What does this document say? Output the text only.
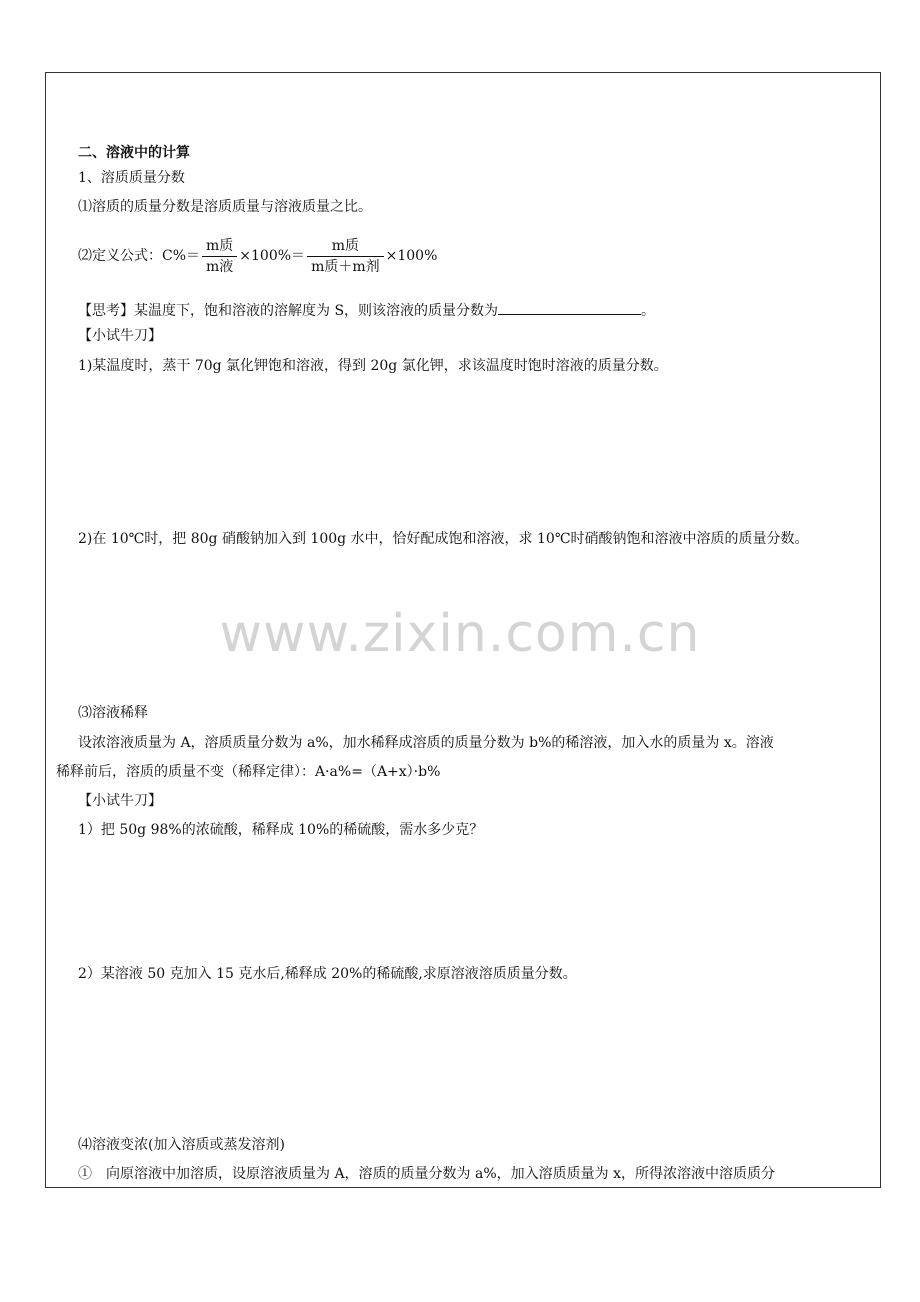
www.zixin.com.cn
二、溶液中的计算
1、溶质质量分数
⑴溶质的质量分数是溶质质量与溶液质量之比。
⑵定义公式：$C\%= \frac{\text{m质}}{\text{m液}} \times 100\%= \frac{\text{m质}}{\text{m质＋m剂}} \times 100\%$
【思考】某温度下，饱和溶液的溶解度为 S，则该溶液的质量分数为	。
【小试牛刀】
1)某温度时，蒸干 70g 氯化钾饱和溶液，得到 20g 氯化钾，求该温度时饱时溶液的质量分数。
2)在 10℃时，把 80g 硝酸钠加入到 100g 水中，恰好配成饱和溶液，求 10℃时硝酸钠饱和溶液中溶质的质量分数。
⑶溶液稀释
设浓溶液质量为 A，溶质质量分数为 a%，加水稀释成溶质的质量分数为 b%的稀溶液，加入水的质量为 x。溶液
稀释前后，溶质的质量不变（稀释定律）：A·a%=（A+x）·b%
【小试牛刀】
1）把 50g 98%的浓硫酸，稀释成 10%的稀硫酸，需水多少克？
2）某溶液 50 克加入 15 克水后,稀释成 20%的稀硫酸,求原溶液溶质质量分数。
⑷溶液变浓(加入溶质或蒸发溶剂)
①　向原溶液中加溶质，设原溶液质量为 A，溶质的质量分数为 a%，加入溶质质量为 x，所得浓溶液中溶质质分
